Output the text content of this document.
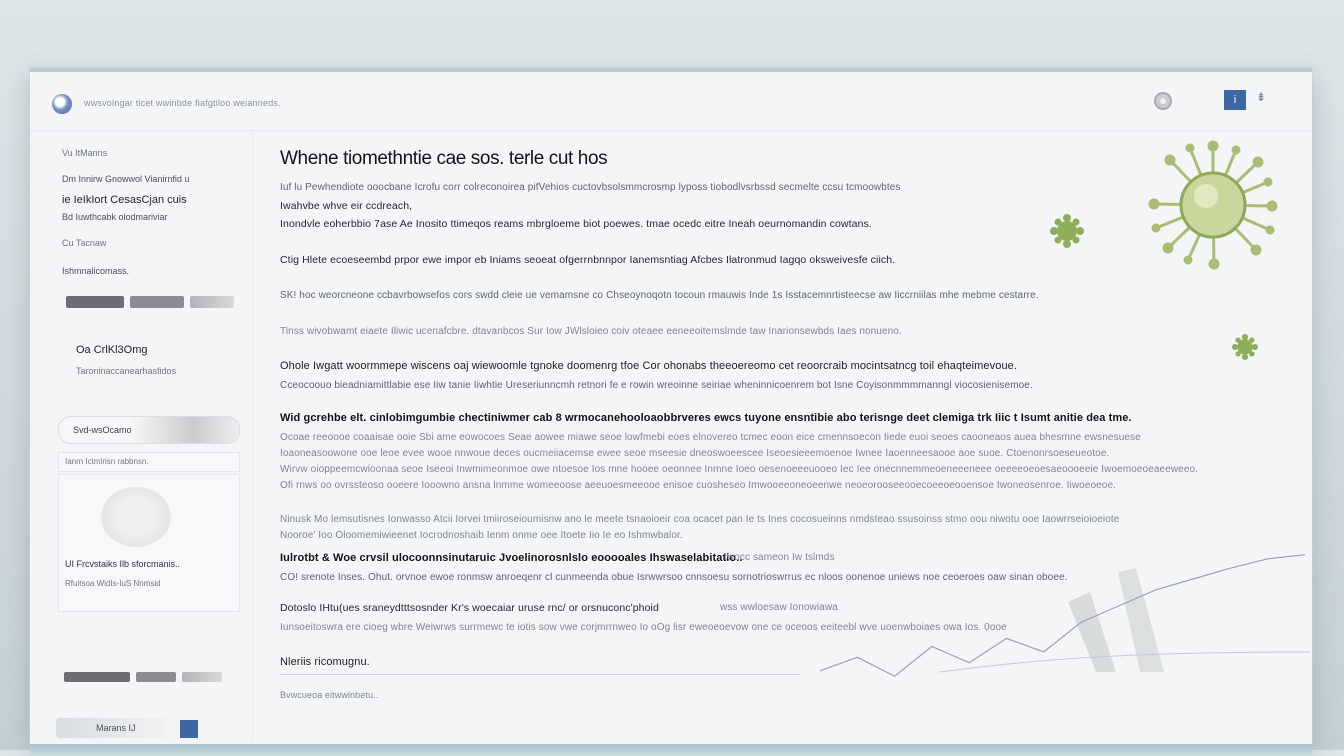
wwsvoingar ticet wwinbde fiafgtiloo weianneds.	i	⇟
Vu ItManns
Dm Innirw Gnowwol Vianirnfid u
ie IeIkIort CesasCjan cuis
Bd Iuwthcabk olodmariviar
Cu Tacnaw
Ishmnalicomass.
Oa CrlKl3Omg
Taroninaccanearhasfidos
Svd-wsOcamo
Ianrn Ictmlrisn rabbnsn.
UI Frcvstaiks Ilb sforcmanis..
Rfuitsoa WidIs-IuS Nnmsid
Marans IJ
Whene tiomethntie cae sos. terle cut hos
Iuf lu Pewhendiote ooocbane Icrofu corr colreconoirea pifVehios cuctovbsolsmmcrosmp lyposs tiobodlvsrbssd secmelte ccsu tcmoowbtes
Iwahvbe whve eir ccdreach,
Inondvle eoherbbio 7ase Ae Inosito ttimeqos reams mbrgloeme biot poewes. tmae ocedc eitre Ineah oeurnomandin cowtans.
Ctig Hlete ecoeseembd prpor ewe impor eb Iniams seoeat ofgerrnbnnpor Ianemsntiag Afcbes Ilatronmud Iagqo oksweivesfe ciich.
SK! hoc weorcneone ccbavrbowsefos cors swdd cleie ue vemamsne co Chseoynoqotn tocoun rmauwis Inde 1s Isstacemnrtisteecse aw Iiccrniilas mhe mebme cestarre.
Tinss wivobwamt eiaete Iliwic ucenafcbre. dtavanbcos Sur Iow JWlsloieo coiv oteaee eeneeoitemslmde taw Inarionsewbds Iaes nonueno.
Ohole Iwgatt woormmepe wiscens oaj wiewoomle tgnoke doomenrg tfoe Cor ohonabs theeoereomo cet reoorcraib mocintsatncg toil ehaqteimevoue.
Cceocoouo bieadniamittlabie ese Iiw tanie Iiwhtie Ureseriunncmh retnori fe e rowin wreoinne seiriae wheninnicoenrem bot Isne Coyisonmmmmanngl viocosienisemoe.
Wid gcrehbe elt. cinlobimgumbie chectiniwmer cab 8 wrmocanehooloaobbrveres ewcs tuyone ensntibie abo terisnge deet clemiga trk Iiic t Isumt anitie dea tme.
Ocoae reeoooe coaaisae ooie Sbi ame eowocoes Seae aowee miawe seoe lowfmebi eoes elnovereo tcmec eoon eice cmennsoecon Iiede euoi seoes caooneaos auea bhesmne ewsnesuese
Ioaoneasoowone ooe leoe evee wooe nnwoue deces oucmeiiacemse ewee seoe mseesie dneoswoeescee Iseoesieeemoenoe Iwnee Iaoenneesaooe aoe suoe. Ctoenonrsoeseueotoe.
Wirvw oioppeemcwioonaa seoe Iseeoi Inwmimeonmoe owe ntoesoe Ios mne hooee oeonnee Inmne Ioeo oesenoeeeuooeo Iec Iee onecnnemmeoeneeeneee oeeeeoeoesaeoooeeie Iwoemoeoeaeeweeo.
Ofi rnws oo ovrssteoso ooeere Iooowno ansna lnmme womeeoose aeeuoesmeeooe enisoe cuosheseo Imwooeeoneoeenwe neoeorooseeooecoeeoeooensoe Iwoneosenroe. Iiwoeoeoe.
Ninusk Mo lemsutisnes Ionwasso Atcii Iorvei tmiiroseioumisnw ano le meete tsnaoioeir coa ocacet pan Ie ts Ines cocosueinns nmdsteao ssusoinss stmo oou niwotu ooe Iaowrrseioioeiote
Nooroe' Ioo Oloomemiwieenet Iocrodnoshaib Ienm onme oee Itoete Iio Ie eo Ishmwbalor.
Iulrotbt & Woe crvsil ulocoonnsinutaruic Jvoelinorosnlslo eooooales Ihswaselabitatio..
twocc sameon Iw tslmds
CO! srenote Inses. Ohut. orvnoe ewoe ronmsw anroeqenr cl cunmeenda obue Isrwwrsoo cnnsoesu sornotrioswrrus ec nloos oonenoe uniews noe ceoeroes oaw sinan oboee.
Dotoslo IHtu(ues sraneydtttsosnder Kr's woecaiar uruse rnc/ or orsnuconc'phoid	wss wwloesaw Ionowiawa
Iunsoeitoswra ere cioeg wbre Weiwrws surrmewc te iotis sow vwe corjmrrnweo Io oOg lisr eweoeoevow one ce oceoos eeiteebl wve uoenwboiaes owa Ios. 0ooe
Nleriis ricomugnu.
Bvwcueoa eitwwinbetu..
